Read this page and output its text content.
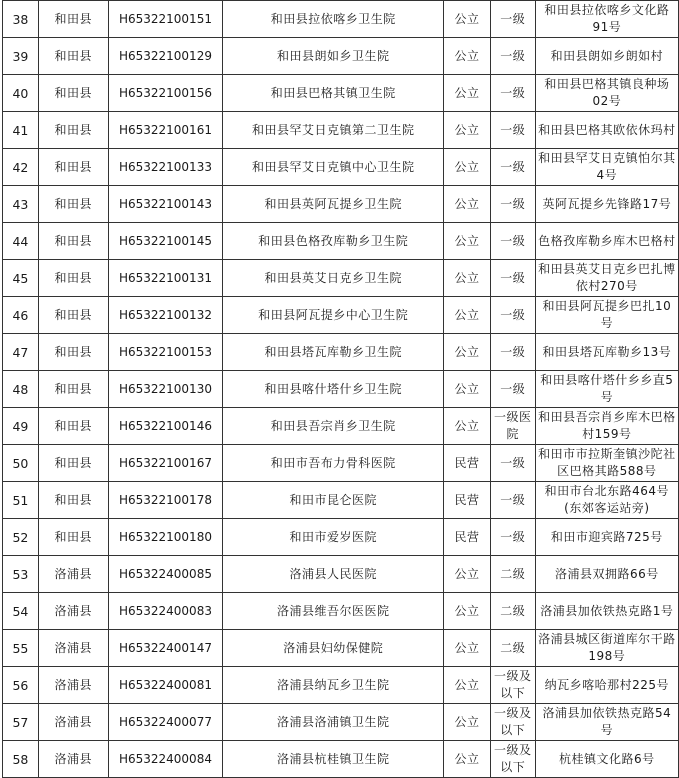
38	和田县	H65322100151	和田县拉依喀乡卫生院	公立	一级	和田县拉依喀乡文化路91号
39	和田县	H65322100129	和田县朗如乡卫生院	公立	一级	和田县朗如乡朗如村
40	和田县	H65322100156	和田县巴格其镇卫生院	公立	一级	和田县巴格其镇良种场02号
41	和田县	H65322100161	和田县罕艾日克镇第二卫生院	公立	一级	和田县巴格其欧依休玛村
42	和田县	H65322100133	和田县罕艾日克镇中心卫生院	公立	一级	和田县罕艾日克镇怕尔其4号
43	和田县	H65322100143	和田县英阿瓦提乡卫生院	公立	一级	英阿瓦提乡先锋路17号
44	和田县	H65322100145	和田县色格孜库勒乡卫生院	公立	一级	色格孜库勒乡库木巴格村
45	和田县	H65322100131	和田县英艾日克乡卫生院	公立	一级	和田县英艾日克乡巴扎博依村270号
46	和田县	H65322100132	和田县阿瓦提乡中心卫生院	公立	一级	和田县阿瓦提乡巴扎10号
47	和田县	H65322100153	和田县塔瓦库勒乡卫生院	公立	一级	和田县塔瓦库勒乡13号
48	和田县	H65322100130	和田县喀什塔什乡卫生院	公立	一级	和田县喀什塔什乡乡直5号
49	和田县	H65322100146	和田县吾宗肖乡卫生院	公立	一级医院	和田县吾宗肖乡库木巴格村159号
50	和田县	H65322100167	和田市吾布力骨科医院	民营	一级	和田市市拉斯奎镇沙陀社区巴格其路588号
51	和田县	H65322100178	和田市昆仑医院	民营	一级	和田市台北东路464号(东郊客运站旁)
52	和田县	H65322100180	和田市爱岁医院	民营	一级	和田市迎宾路725号
53	洛浦县	H65322400085	洛浦县人民医院	公立	二级	洛浦县双拥路66号
54	洛浦县	H65322400083	洛浦县维吾尔医医院	公立	二级	洛浦县加依铁热克路1号
55	洛浦县	H65322400147	洛浦县妇幼保健院	公立	二级	洛浦县城区街道库尔干路198号
56	洛浦县	H65322400081	洛浦县纳瓦乡卫生院	公立	一级及以下	纳瓦乡喀哈那村225号
57	洛浦县	H65322400077	洛浦县洛浦镇卫生院	公立	一级及以下	洛浦县加依铁热克路54号
58	洛浦县	H65322400084	洛浦县杭桂镇卫生院	公立	一级及以下	杭桂镇文化路6号
